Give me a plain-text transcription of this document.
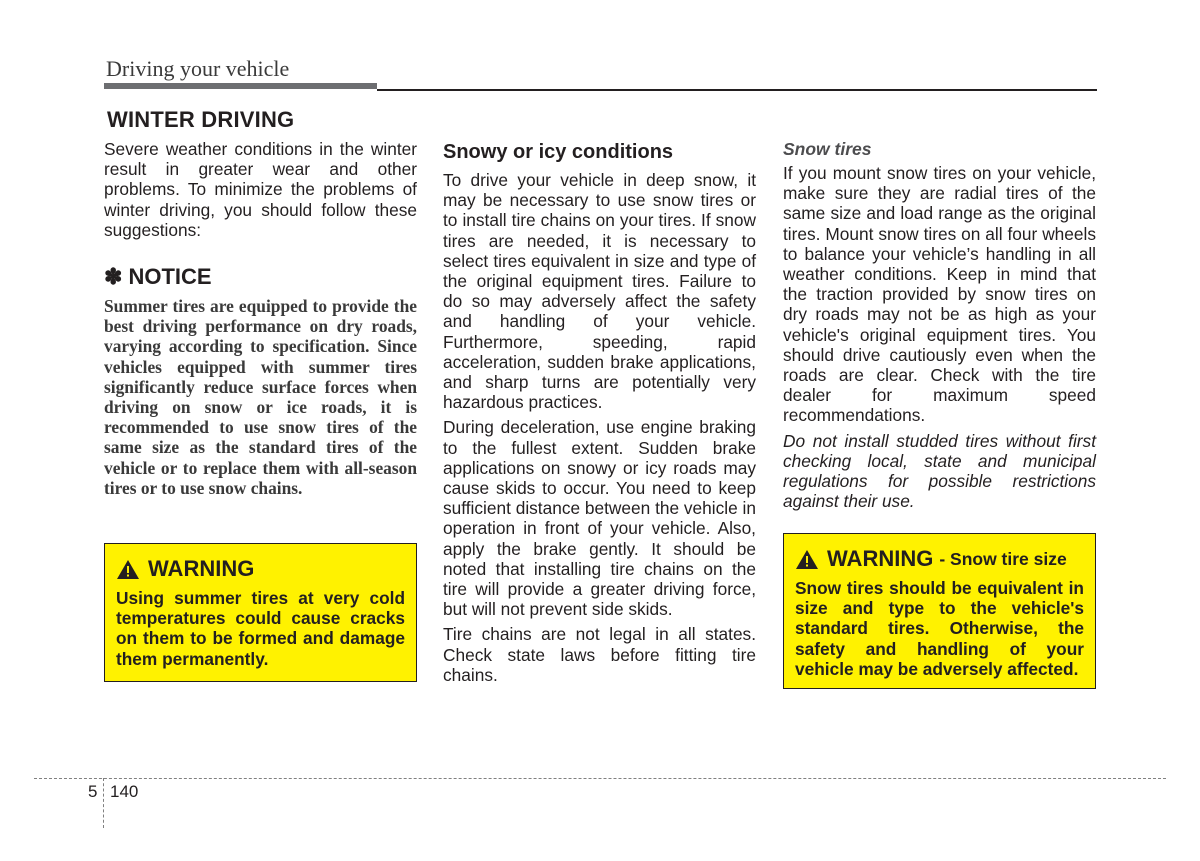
Driving your vehicle
WINTER DRIVING

Severe weather conditions in the winter result in greater wear and other problems. To minimize the problems of winter driving, you should follow these suggestions:

✽ NOTICE

Summer tires are equipped to provide the best driving performance on dry roads, varying according to specification. Since vehicles equipped with summer tires significantly reduce surface forces when driving on snow or ice roads, it is recommended to use snow tires of the same size as the standard tires of the vehicle or to replace them with all-season tires or to use snow chains.

WARNING

Using summer tires at very cold temperatures could cause cracks on them to be formed and damage them permanently.

Snowy or icy conditions

To drive your vehicle in deep snow, it may be necessary to use snow tires or to install tire chains on your tires. If snow tires are needed, it is necessary to select tires equivalent in size and type of the original equipment tires. Failure to do so may adversely affect the safety and handling of your vehicle. Furthermore, speeding, rapid acceleration, sudden brake applications, and sharp turns are potentially very hazardous practices.

During deceleration, use engine braking to the fullest extent. Sudden brake applications on snowy or icy roads may cause skids to occur. You need to keep sufficient distance between the vehicle in operation in front of your vehicle. Also, apply the brake gently. It should be noted that installing tire chains on the tire will provide a greater driving force, but will not prevent side skids.

Tire chains are not legal in all states. Check state laws before fitting tire chains.

Snow tires

If you mount snow tires on your vehicle, make sure they are radial tires of the same size and load range as the original tires. Mount snow tires on all four wheels to balance your vehicle’s handling in all weather conditions. Keep in mind that the traction provided by snow tires on dry roads may not be as high as your vehicle's original equipment tires. You should drive cautiously even when the roads are clear. Check with the tire dealer for maximum speed recommendations.

Do not install studded tires without first checking local, state and municipal regulations for possible restrictions against their use.

WARNING - Snow tire size

Snow tires should be equivalent in size and type to the vehicle's standard tires. Otherwise, the safety and handling of your vehicle may be adversely affected.

5 140
